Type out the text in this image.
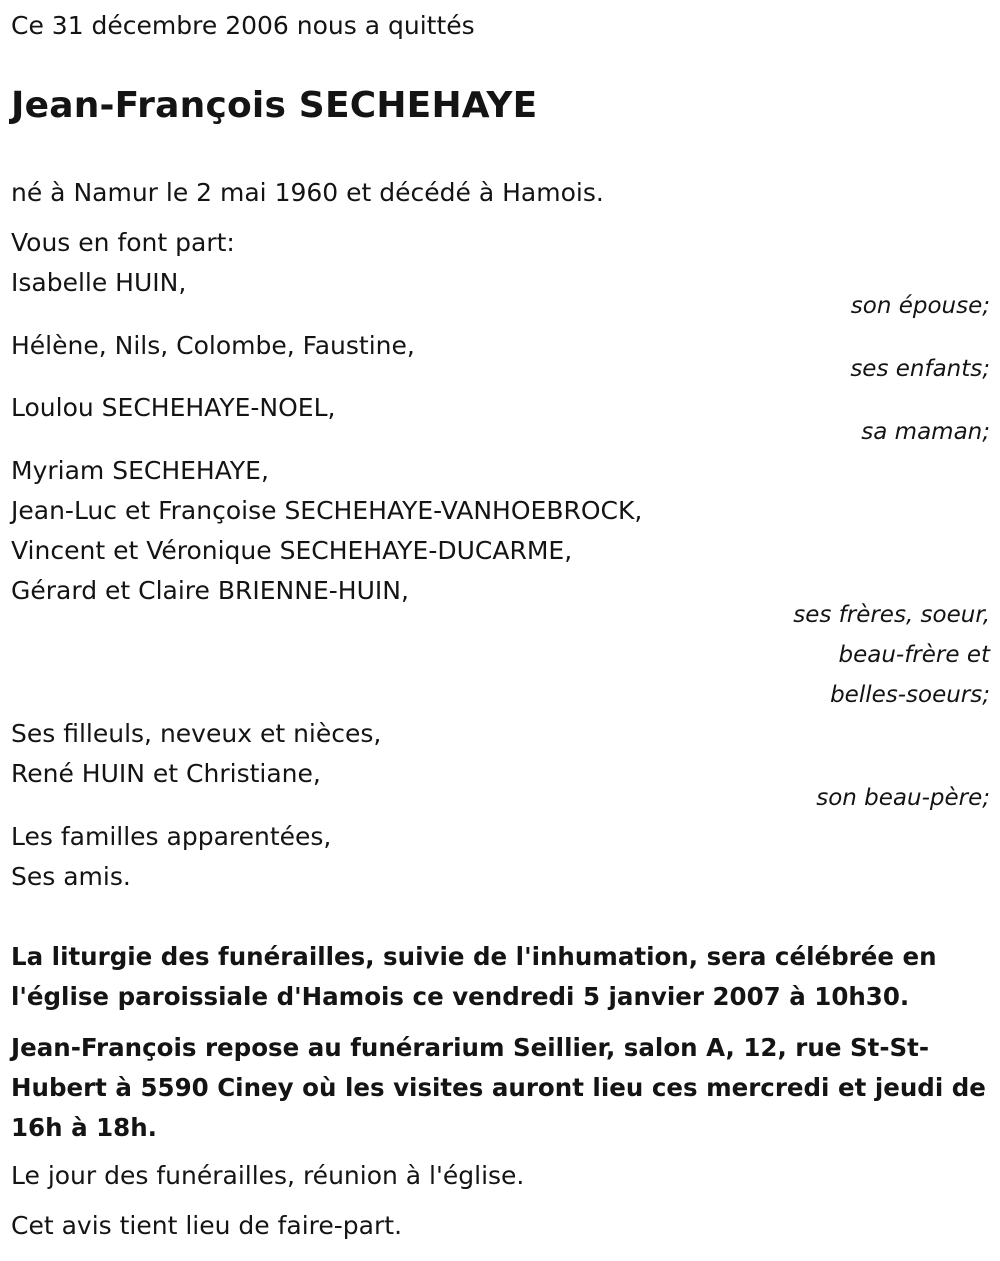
Ce 31 décembre 2006 nous a quittés
Jean-François SECHEHAYE
né à Namur le 2 mai 1960 et décédé à Hamois.
Vous en font part:
Isabelle HUIN,
son épouse;
Hélène, Nils, Colombe, Faustine,
ses enfants;
Loulou SECHEHAYE-NOEL,
sa maman;
Myriam SECHEHAYE,
Jean-Luc et Françoise SECHEHAYE-VANHOEBROCK,
Vincent et Véronique SECHEHAYE-DUCARME,
Gérard et Claire BRIENNE-HUIN,
ses frères, soeur,
beau-frère et
belles-soeurs;
Ses filleuls, neveux et nièces,
René HUIN et Christiane,
son beau-père;
Les familles apparentées,
Ses amis.
La liturgie des funérailles, suivie de l'inhumation, sera célébrée en
l'église paroissiale d'Hamois ce vendredi 5 janvier 2007 à 10h30.
Jean-François repose au funérarium Seillier, salon A, 12, rue St-St-
Hubert à 5590 Ciney où les visites auront lieu ces mercredi et jeudi de
16h à 18h.
Le jour des funérailles, réunion à l'église.
Cet avis tient lieu de faire-part.
